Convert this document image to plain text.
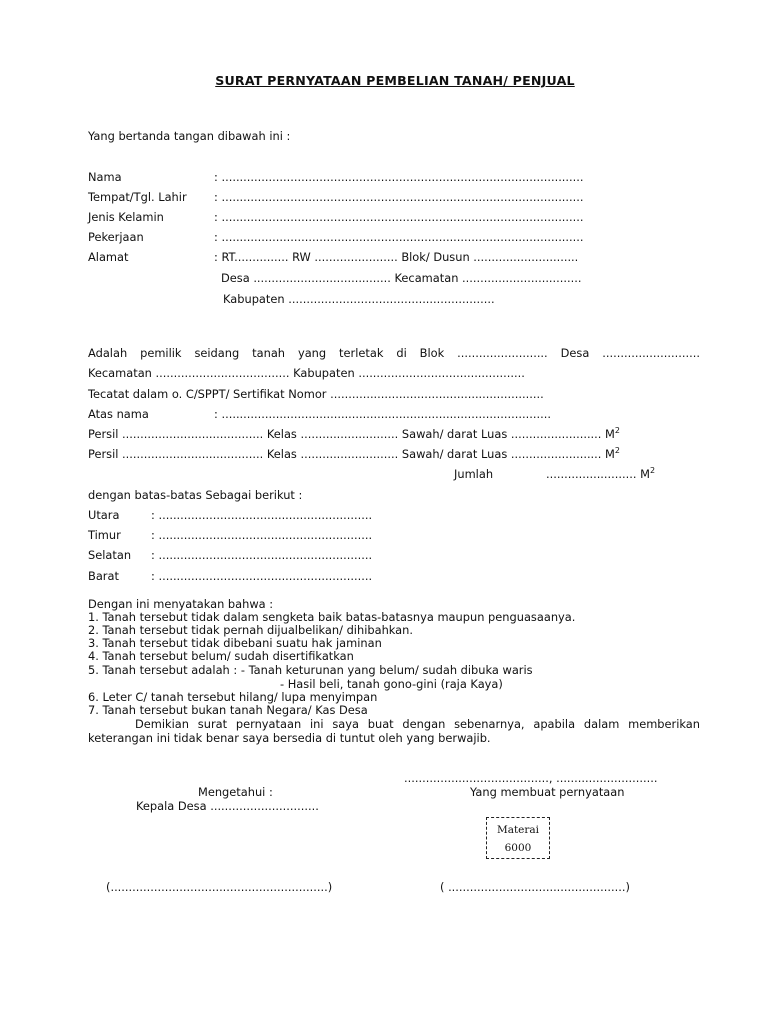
SURAT PERNYATAAN PEMBELIAN TANAH/ PENJUAL
Yang bertanda tangan dibawah ini :
Nama	: ....................................................................................................
Tempat/Tgl. Lahir : ....................................................................................................
Jenis Kelamin	: ....................................................................................................
Pekerjaan	: ....................................................................................................
Alamat	: RT............... RW ....................... Blok/ Dusun .............................
Desa ...................................... Kecamatan .................................
Kabupaten .........................................................
Adalah pemilik seidang tanah yang terletak di Blok ......................... Desa ...........................
Kecamatan ..................................... Kabupaten ..............................................
Tecatat dalam o. C/SPPT/ Sertifikat Nomor ...........................................................
Atas nama	: ...........................................................................................
Persil ....................................... Kelas ........................... Sawah/ darat Luas ......................... $M^2$
Persil ....................................... Kelas ........................... Sawah/ darat Luas ......................... $M^2$
Jumlah	......................... $M^2$
dengan batas-batas Sebagai berikut :
Utara	: ...........................................................
Timur	: ...........................................................
Selatan : ...........................................................
Barat	: ...........................................................
Dengan ini menyatakan bahwa :
1. Tanah tersebut tidak dalam sengketa baik batas-batasnya maupun penguasaanya.
2. Tanah tersebut tidak pernah dijualbelikan/ dihibahkan.
3. Tanah tersebut tidak dibebani suatu hak jaminan
4. Tanah tersebut belum/ sudah disertifikatkan
5. Tanah tersebut adalah : - Tanah keturunan yang belum/ sudah dibuka waris
- Hasil beli, tanah gono-gini (raja Kaya)
6. Leter C/ tanah tersebut hilang/ lupa menyimpan
7. Tanah tersebut bukan tanah Negara/ Kas Desa
Demikian surat pernyataan ini saya buat dengan sebenarnya, apabila dalam memberikan
keterangan ini tidak benar saya bersedia di tuntut oleh yang berwajib.
........................................, ............................
Mengetahui :	Yang membuat pernyataan
Kepala Desa ..............................
Materai
6000
(............................................................)	( .................................................)
